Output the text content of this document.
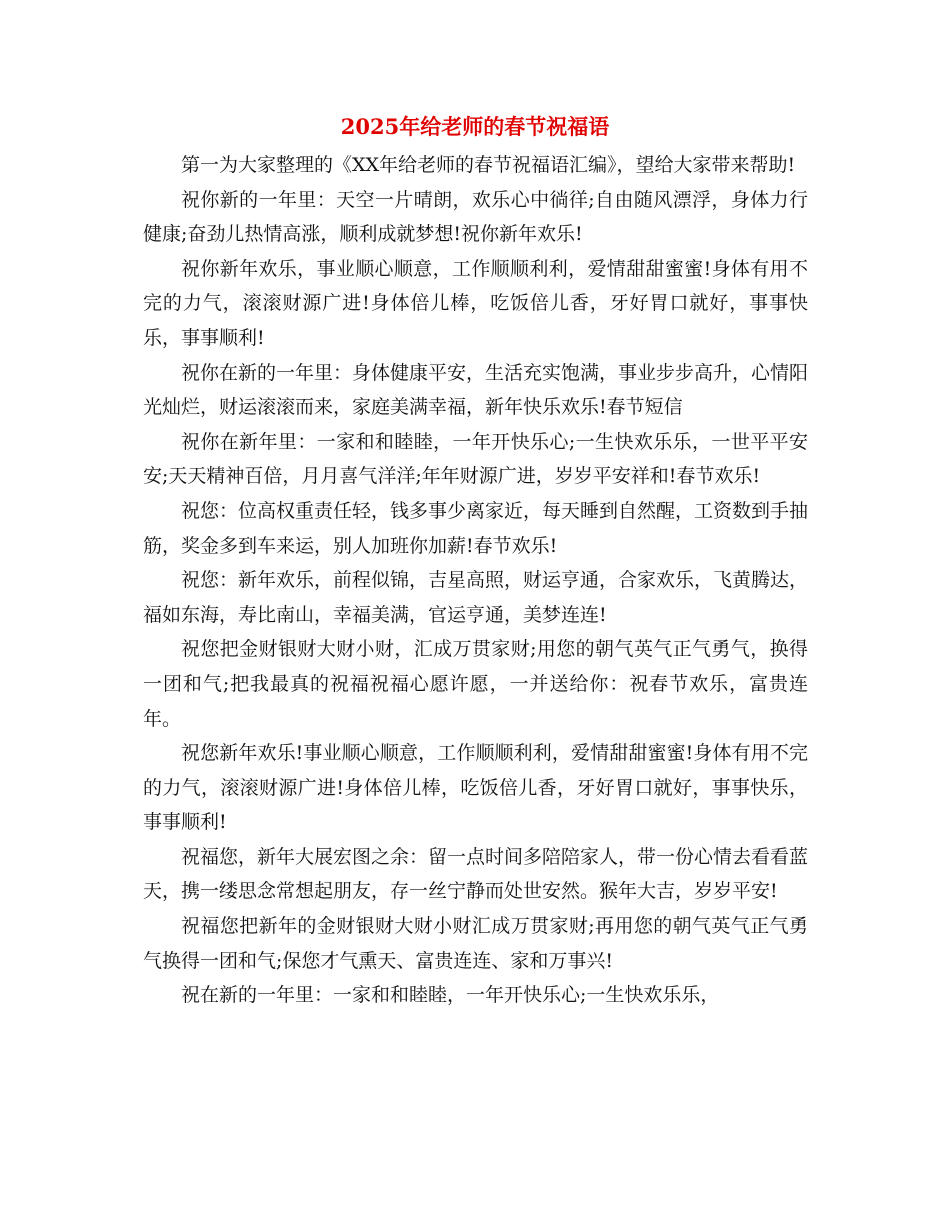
2025年给老师的春节祝福语

第一为大家整理的《XX年给老师的春节祝福语汇编》，望给大家带来帮助!

祝你新的一年里：天空一片晴朗，欢乐心中徜徉;自由随风漂浮，身体力行健康;奋劲儿热情高涨，顺利成就梦想!祝你新年欢乐!

祝你新年欢乐，事业顺心顺意，工作顺顺利利，爱情甜甜蜜蜜!身体有用不完的力气，滚滚财源广进!身体倍儿棒，吃饭倍儿香，牙好胃口就好，事事快乐，事事顺利!

祝你在新的一年里：身体健康平安，生活充实饱满，事业步步高升，心情阳光灿烂，财运滚滚而来，家庭美满幸福，新年快乐欢乐!春节短信

祝你在新年里：一家和和睦睦，一年开快乐心;一生快欢乐乐，一世平平安安;天天精神百倍，月月喜气洋洋;年年财源广进，岁岁平安祥和!春节欢乐!

祝您：位高权重责任轻，钱多事少离家近，每天睡到自然醒，工资数到手抽筋，奖金多到车来运，别人加班你加薪!春节欢乐!

祝您：新年欢乐，前程似锦，吉星高照，财运亨通，合家欢乐，飞黄腾达，福如东海，寿比南山，幸福美满，官运亨通，美梦连连!

祝您把金财银财大财小财，汇成万贯家财;用您的朝气英气正气勇气，换得一团和气;把我最真的祝福祝福心愿许愿，一并送给你：祝春节欢乐，富贵连年。

祝您新年欢乐!事业顺心顺意，工作顺顺利利，爱情甜甜蜜蜜!身体有用不完的力气，滚滚财源广进!身体倍儿棒，吃饭倍儿香，牙好胃口就好，事事快乐，事事顺利!

祝福您，新年大展宏图之余：留一点时间多陪陪家人，带一份心情去看看蓝天，携一缕思念常想起朋友，存一丝宁静而处世安然。猴年大吉，岁岁平安!

祝福您把新年的金财银财大财小财汇成万贯家财;再用您的朝气英气正气勇气换得一团和气;保您才气熏天、富贵连连、家和万事兴!

祝在新的一年里：一家和和睦睦，一年开快乐心;一生快欢乐乐，
